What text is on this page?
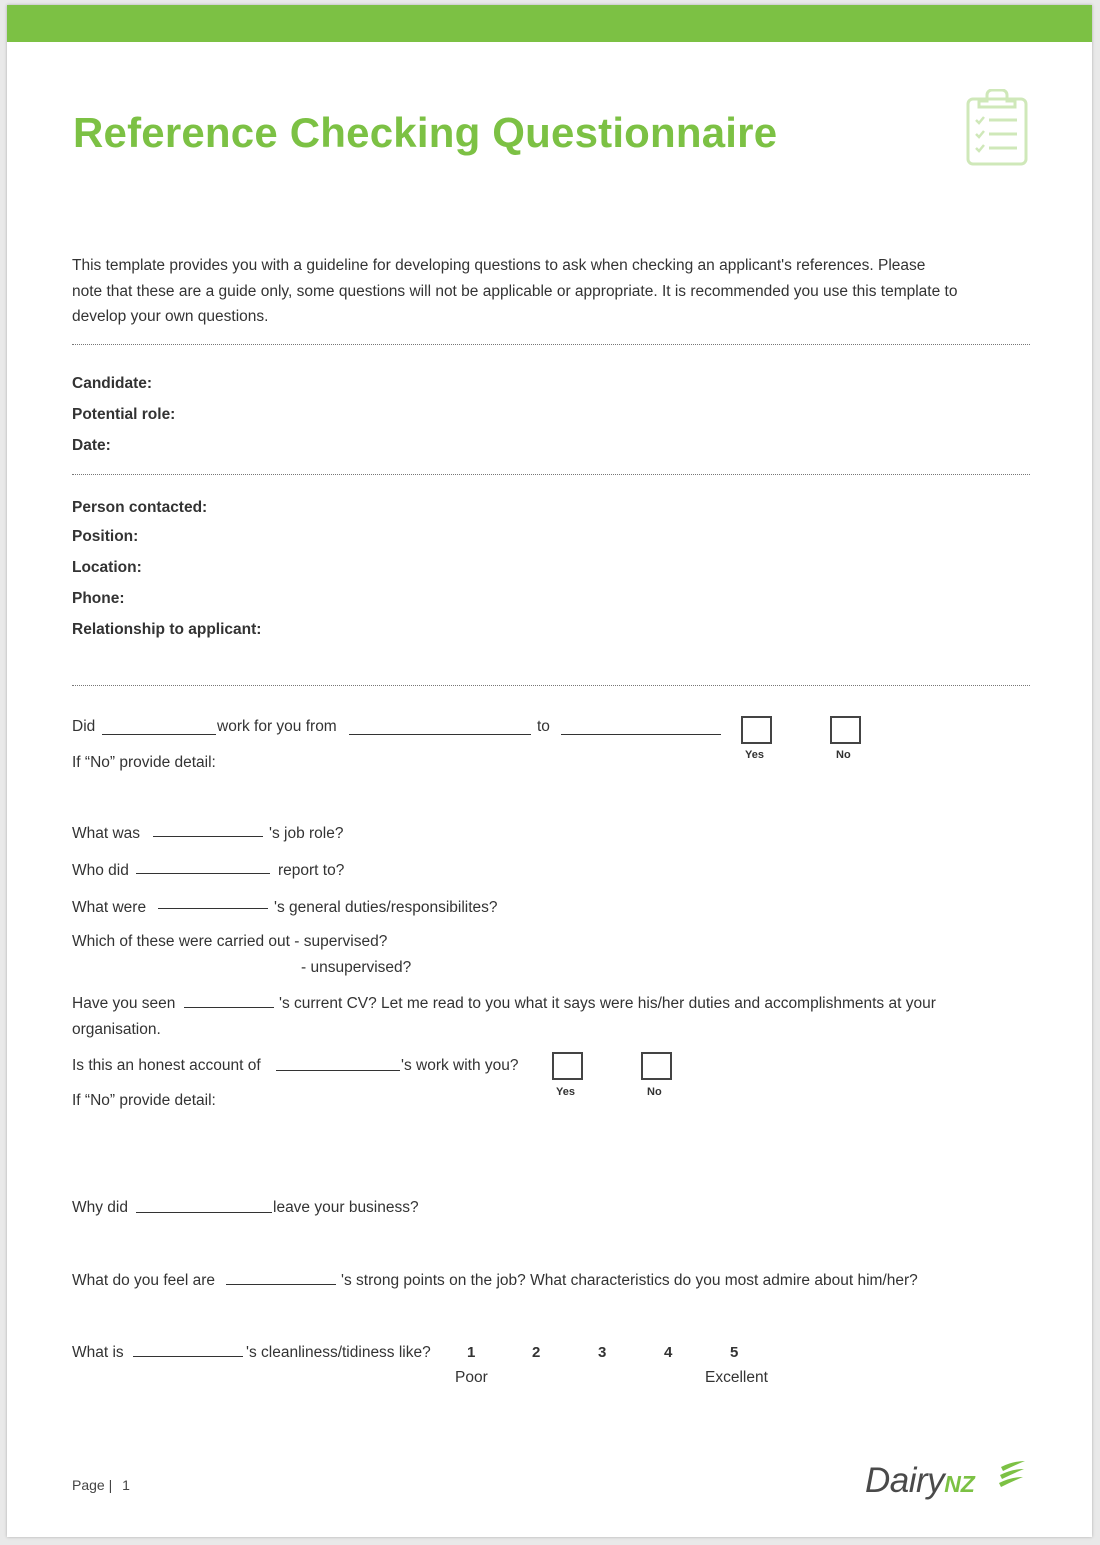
Reference Checking Questionnaire
This template provides you with a guideline for developing questions to ask when checking an applicant's references. Please
note that these are a guide only, some questions will not be applicable or appropriate. It is recommended you use this template to
develop your own questions.
Candidate:
Potential role:
Date:
Person contacted:
Position:
Location:
Phone:
Relationship to applicant:
Did	work for you from	to
Yes	No
If “No” provide detail:
What was	's job role?
Who did	report to?
What were	's general duties/responsibilites?
Which of these were carried out - supervised?
- unsupervised?
Have you seen	's current CV? Let me read to you what it says were his/her duties and accomplishments at your
organisation.
Is this an honest account of	's work with you?
Yes	No
If “No” provide detail:
Why did	leave your business?
What do you feel are	's strong points on the job? What characteristics do you most admire about him/her?
What is	's cleanliness/tidiness like? 1	2	3	4	5
Poor	Excellent
Page | 1	DairyNZ
